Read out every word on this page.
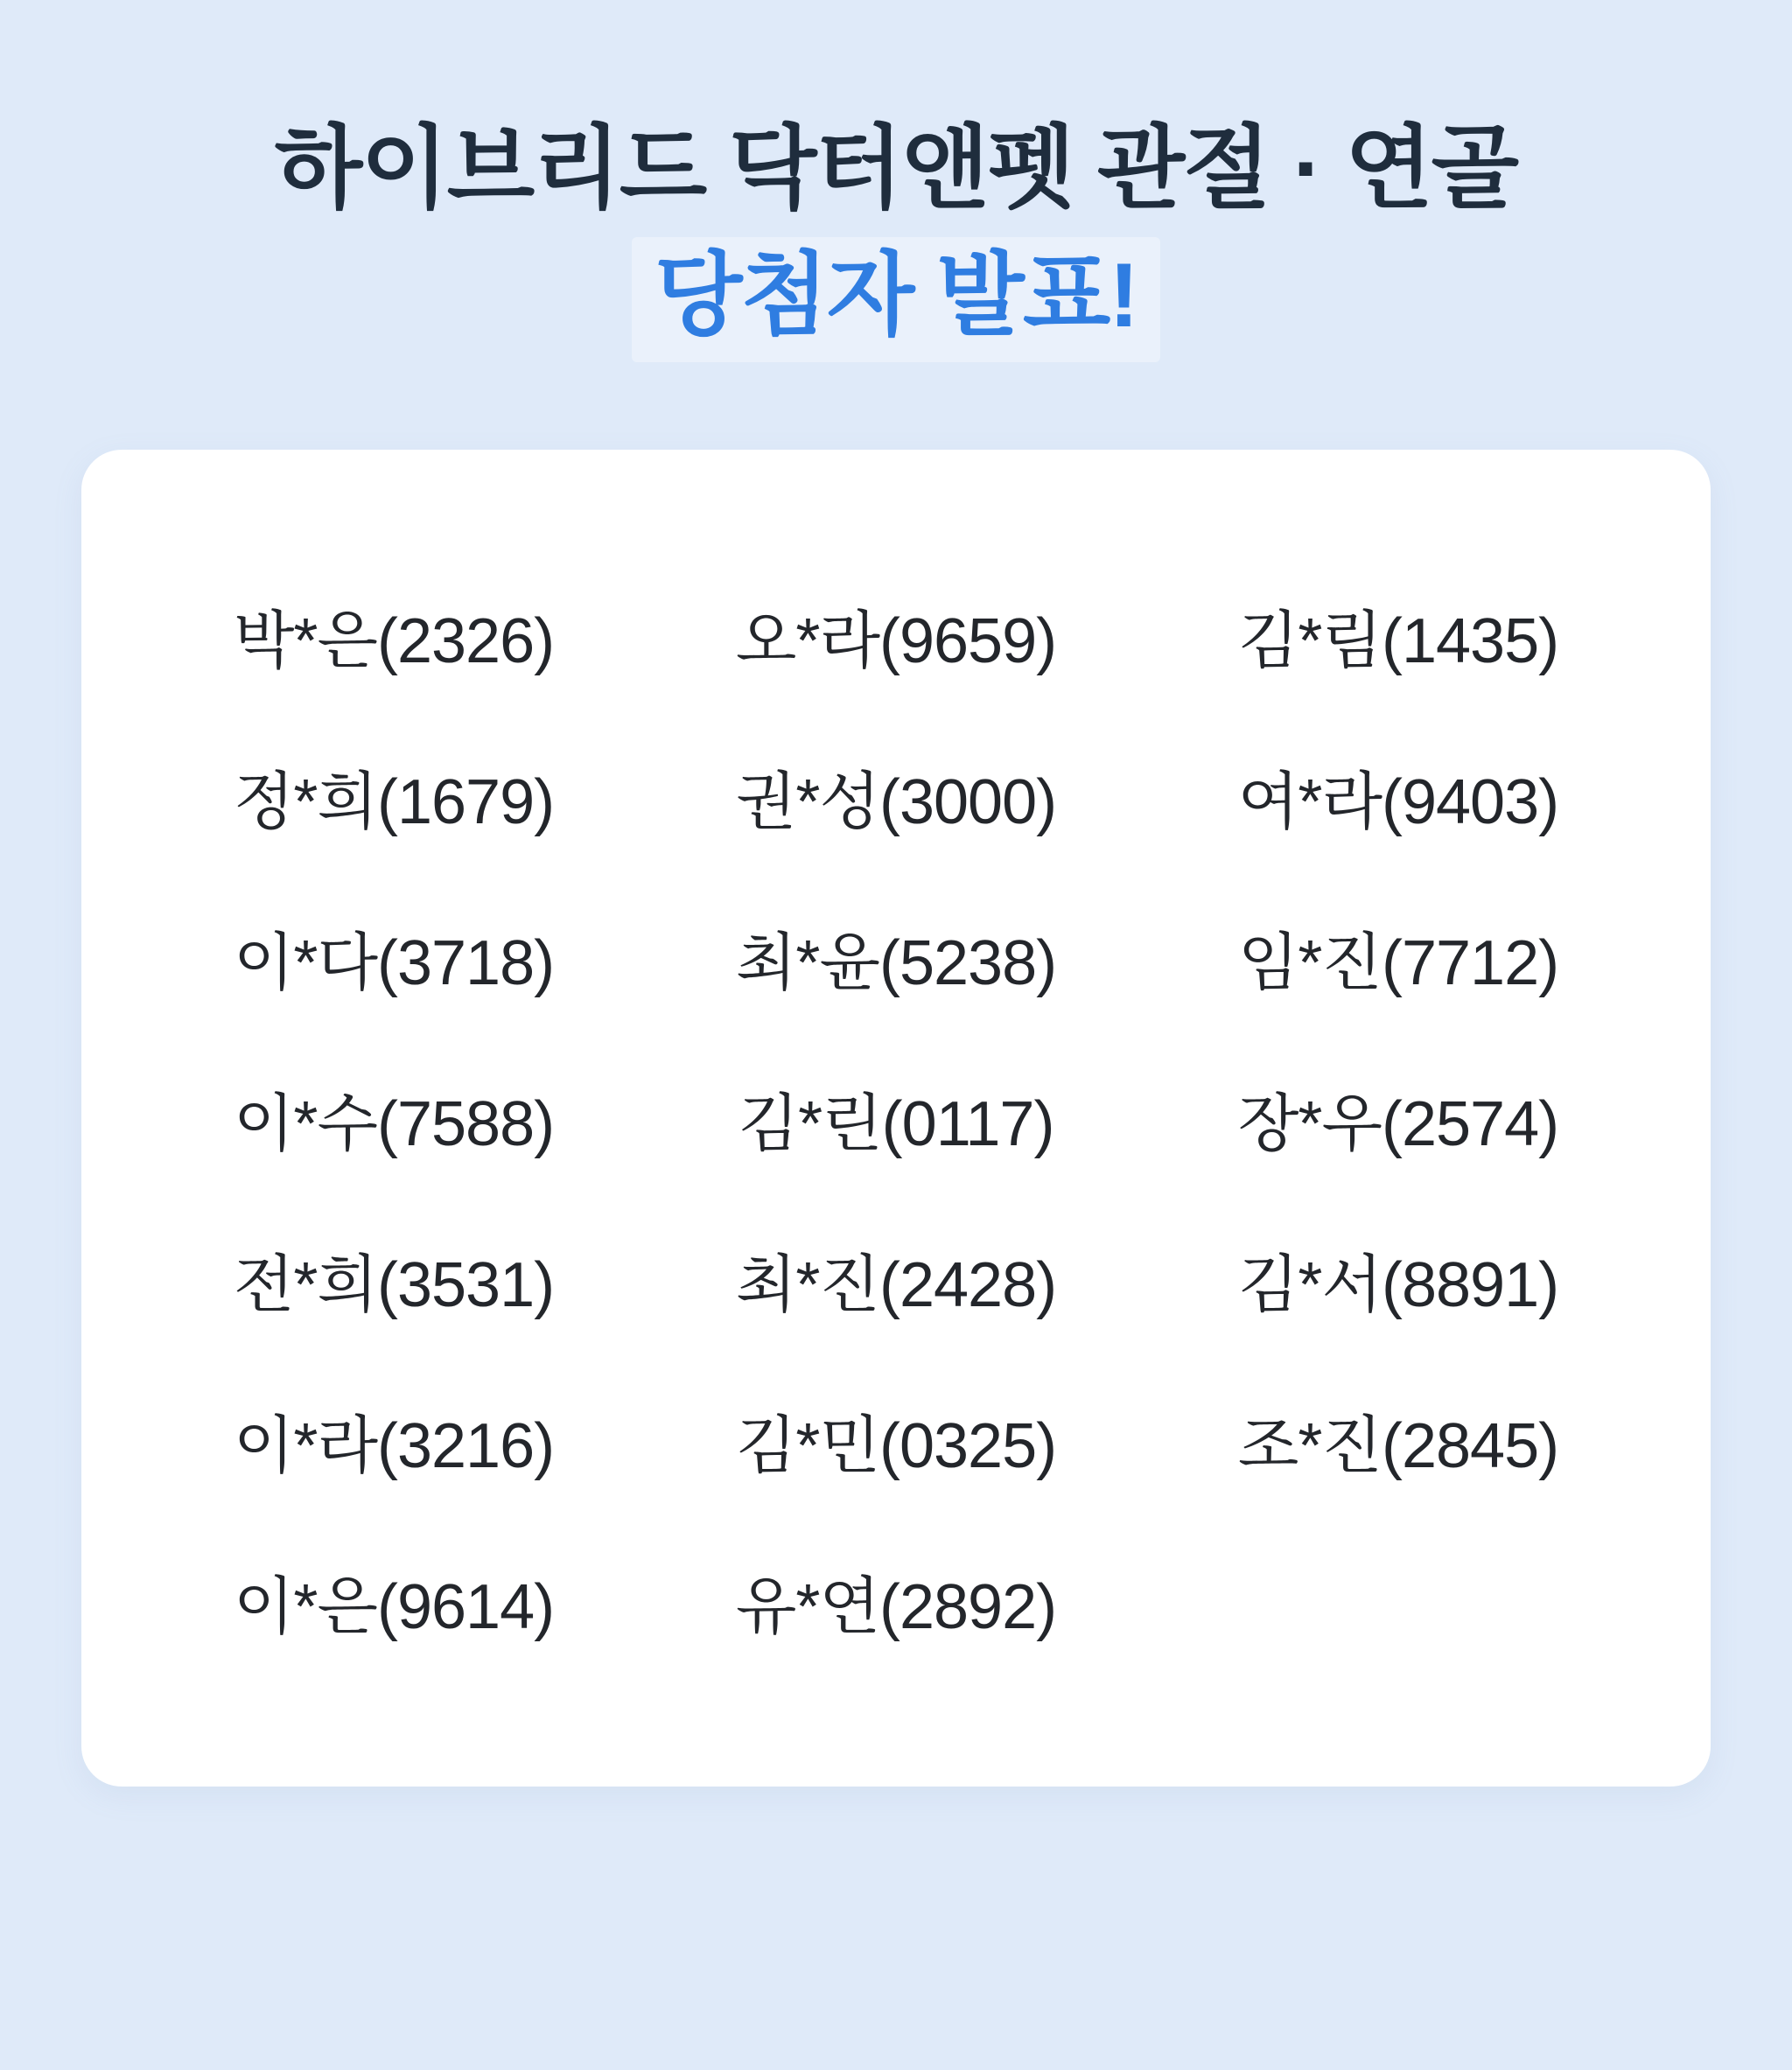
하이브리드 닥터앤펫 관절 · 연골
당첨자 발표!
박*은(2326)	오*라(9659)	김*림(1435)
정*희(1679)	권*성(3000)	여*라(9403)
이*다(3718)	최*윤(5238)	임*진(7712)
이*수(7588)	김*린(0117)	장*우(2574)
전*희(3531)	최*진(2428)	김*서(8891)
이*라(3216)	김*민(0325)	조*진(2845)
이*은(9614)	유*연(2892)
